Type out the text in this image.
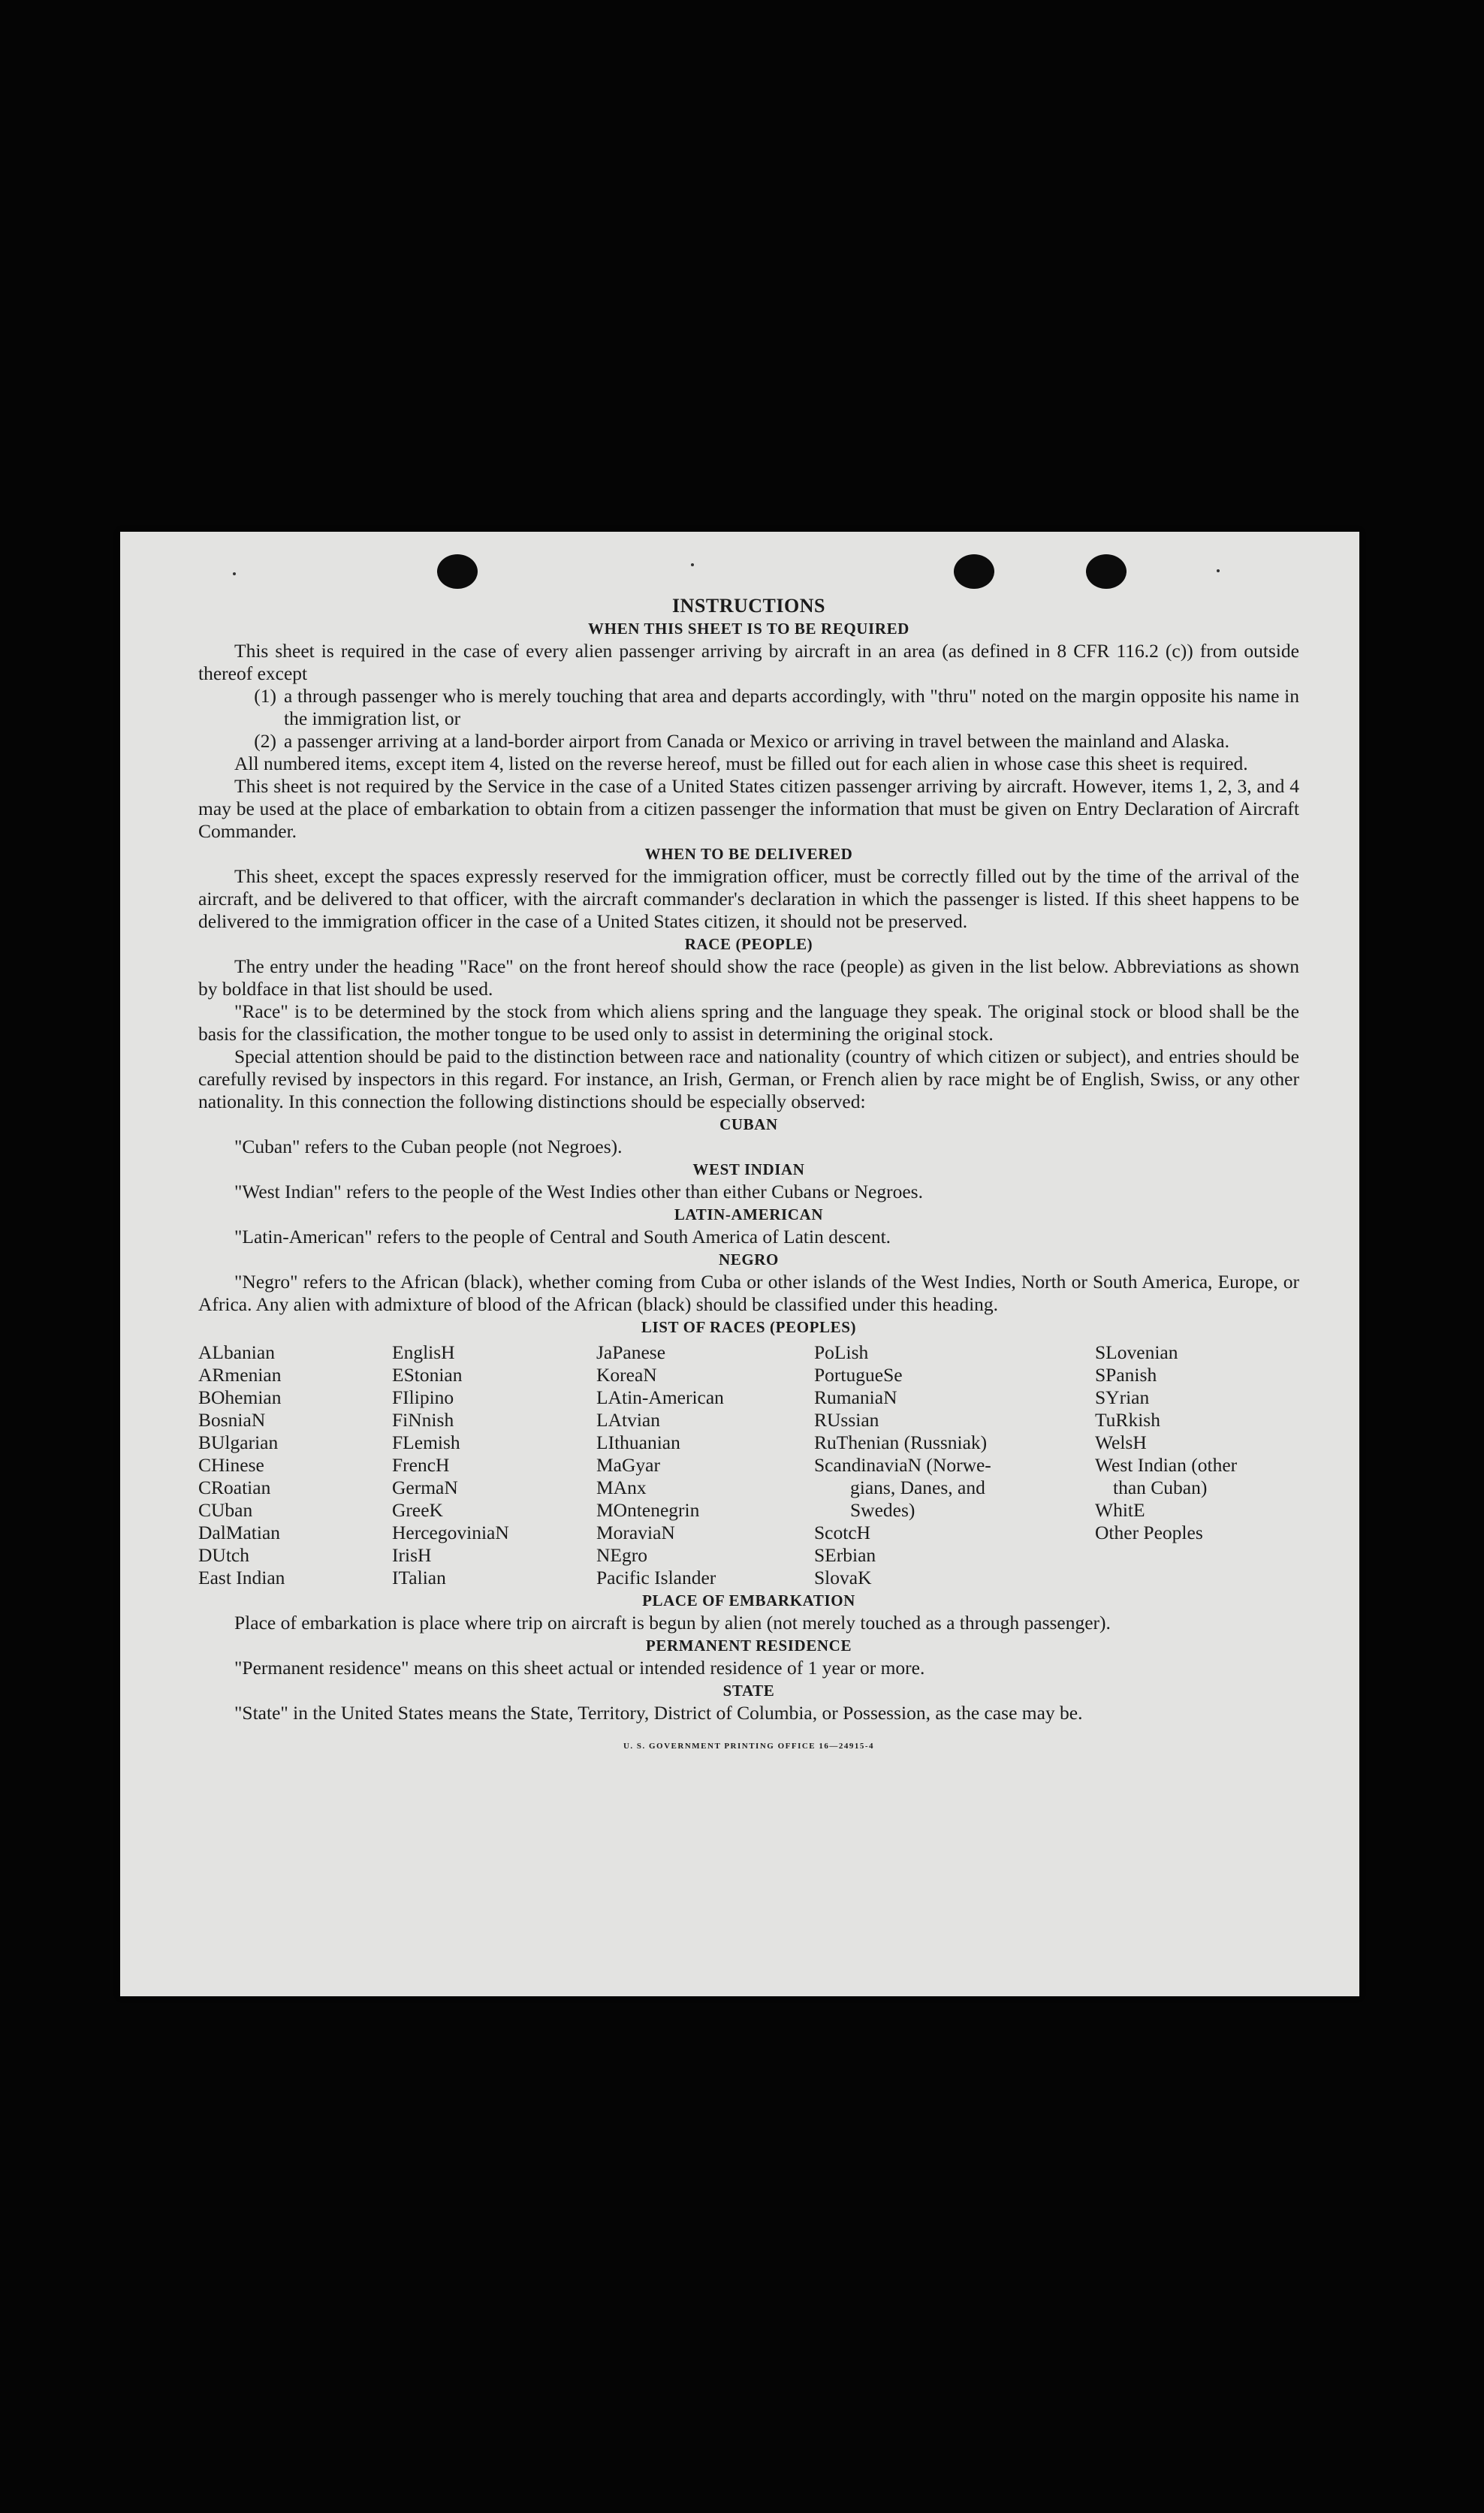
INSTRUCTIONS
WHEN THIS SHEET IS TO BE REQUIRED

This sheet is required in the case of every alien passenger arriving by aircraft in an area (as defined in 8 CFR 116.2 (c)) from outside thereof except

(1) a through passenger who is merely touching that area and departs accordingly, with "thru" noted on the margin opposite his name in the immigration list, or
(2) a passenger arriving at a land-border airport from Canada or Mexico or arriving in travel between the mainland and Alaska.

All numbered items, except item 4, listed on the reverse hereof, must be filled out for each alien in whose case this sheet is required.

This sheet is not required by the Service in the case of a United States citizen passenger arriving by aircraft. However, items 1, 2, 3, and 4 may be used at the place of embarkation to obtain from a citizen passenger the information that must be given on Entry Declaration of Aircraft Commander.

WHEN TO BE DELIVERED

This sheet, except the spaces expressly reserved for the immigration officer, must be correctly filled out by the time of the arrival of the aircraft, and be delivered to that officer, with the aircraft commander's declaration in which the passenger is listed. If this sheet happens to be delivered to the immigration officer in the case of a United States citizen, it should not be preserved.

RACE (PEOPLE)

The entry under the heading "Race" on the front hereof should show the race (people) as given in the list below. Abbreviations as shown by boldface in that list should be used.

"Race" is to be determined by the stock from which aliens spring and the language they speak. The original stock or blood shall be the basis for the classification, the mother tongue to be used only to assist in determining the original stock.

Special attention should be paid to the distinction between race and nationality (country of which citizen or subject), and entries should be carefully revised by inspectors in this regard. For instance, an Irish, German, or French alien by race might be of English, Swiss, or any other nationality. In this connection the following distinctions should be especially observed:

CUBAN

"Cuban" refers to the Cuban people (not Negroes).

WEST INDIAN

"West Indian" refers to the people of the West Indies other than either Cubans or Negroes.

LATIN-AMERICAN

"Latin-American" refers to the people of Central and South America of Latin descent.

NEGRO

"Negro" refers to the African (black), whether coming from Cuba or other islands of the West Indies, North or South America, Europe, or Africa. Any alien with admixture of blood of the African (black) should be classified under this heading.

LIST OF RACES (PEOPLES)
ALbanian
ARmenian
BOhemian
BosniaN
BUlgarian
CHinese
CRoatian
CUban
DalMatian
DUtch
East Indian
EnglisH
EStonian
FIlipino
FiNnish
FLemish
FrencH
GermaN
GreeK
HercegoviniaN
IrisH
ITalian
JaPanese
KoreaN
LAtin-American
LAtvian
LIthuanian
MaGyar
MAnx
MOntenegrin
MoraviaN
NEgro
Pacific Islander
PoLish
PortugueSe
RumaniaN
RUssian
RuThenian (Russniak)
ScandinaviaN (Norwe-
gians, Danes, and
Swedes)
ScotcH
SErbian
SlovaK
SLovenian
SPanish
SYrian
TuRkish
WelsH
West Indian (other
than Cuban)
WhitE
Other Peoples
PLACE OF EMBARKATION

Place of embarkation is place where trip on aircraft is begun by alien (not merely touched as a through passenger).

PERMANENT RESIDENCE

"Permanent residence" means on this sheet actual or intended residence of 1 year or more.

STATE

"State" in the United States means the State, Territory, District of Columbia, or Possession, as the case may be.

U. S. GOVERNMENT PRINTING OFFICE 16—24915-4
